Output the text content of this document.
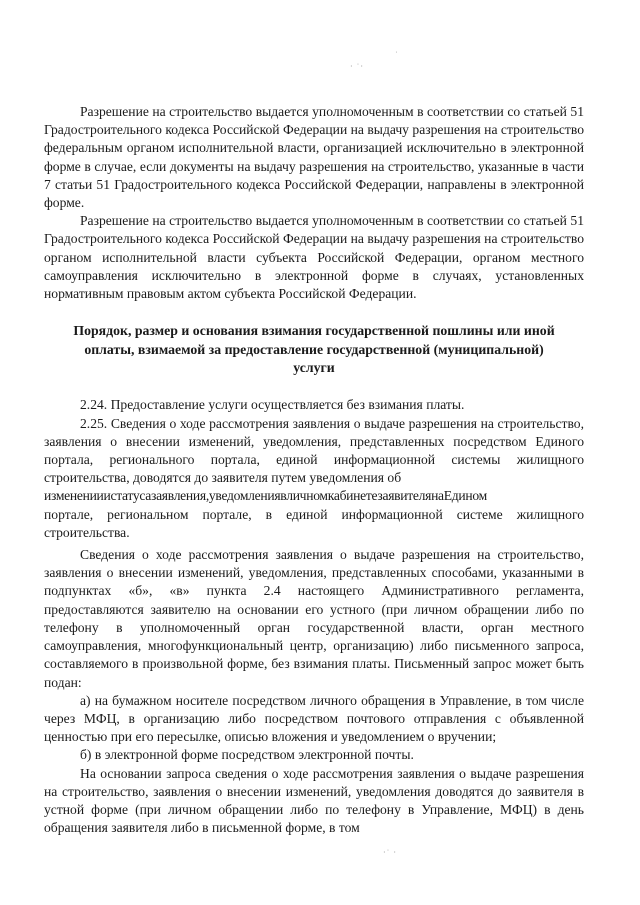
· ˙·
˙
·˙ ·

Разрешение на строительство выдается уполномоченным в соответствии со статьей 51 Градостроительного кодекса Российской Федерации на выдачу разрешения на строительство федеральным органом исполнительной власти, организацией исключительно в электронной форме в случае, если документы на выдачу разрешения на строительство, указанные в части 7 статьи 51 Градостроительного кодекса Российской Федерации, направлены в электронной форме.

Разрешение на строительство выдается уполномоченным в соответствии со статьей 51 Градостроительного кодекса Российской Федерации на выдачу разрешения на строительство органом исполнительной власти субъекта Российской Федерации, органом местного самоуправления исключительно в электронной форме в случаях, установленных нормативным правовым актом субъекта Российской Федерации.

Порядок, размер и основания взимания государственной пошлины или иной оплаты, взимаемой за предоставление государственной (муниципальной) услуги

2.24. Предоставление услуги осуществляется без взимания платы.

2.25. Сведения о ходе рассмотрения заявления о выдаче разрешения на строительство, заявления о внесении изменений, уведомления, представленных посредством Единого портала, регионального портала, единой информационной системы жилищного строительства, доводятся до заявителя путем уведомления об

измененииистатусазаявления,уведомлениявличномкабинетезаявителянаЕдином

портале, региональном портале, в единой информационной системе жилищного строительства.

Сведения о ходе рассмотрения заявления о выдаче разрешения на строительство, заявления о внесении изменений, уведомления, представленных способами, указанными в подпунктах «б», «в» пункта 2.4 настоящего Административного регламента, предоставляются заявителю на основании его устного (при личном обращении либо по телефону в уполномоченный орган государственной власти, орган местного самоуправления, многофункциональный центр, организацию) либо письменного запроса, составляемого в произвольной форме, без взимания платы. Письменный запрос может быть подан:

а) на бумажном носителе посредством личного обращения в Управление, в том числе через МФЦ, в организацию либо посредством почтового отправления с объявленной ценностью при его пересылке, описью вложения и уведомлением о вручении;

б) в электронной форме посредством электронной почты.

На основании запроса сведения о ходе рассмотрения заявления о выдаче разрешения на строительство, заявления о внесении изменений, уведомления доводятся до заявителя в устной форме (при личном обращении либо по телефону в Управление, МФЦ) в день обращения заявителя либо в письменной форме, в том
